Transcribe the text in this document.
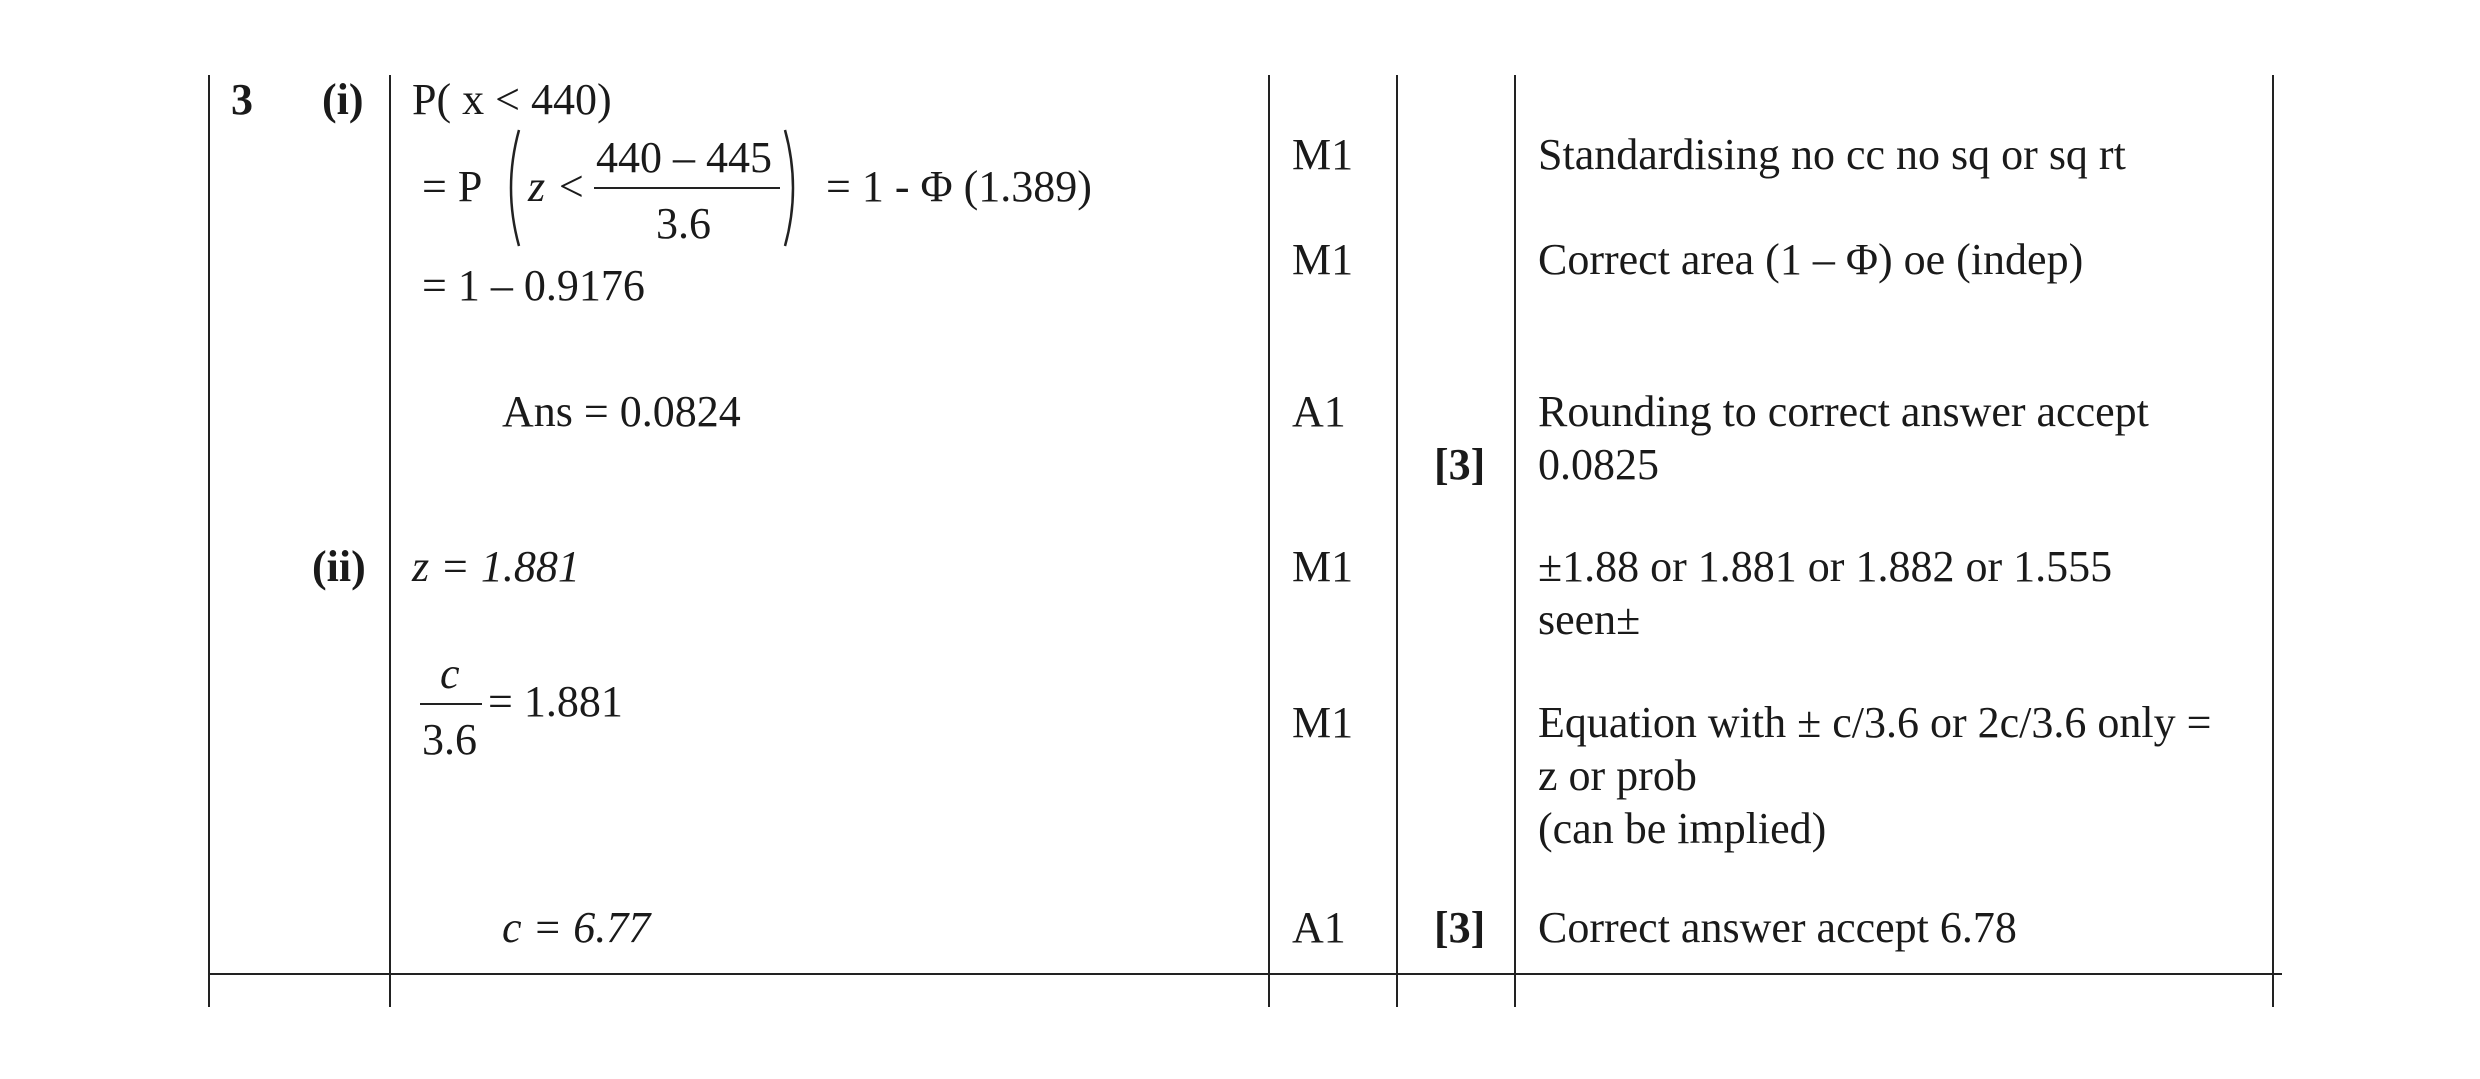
3 (i) P( x < 440)
= P z <
440 – 445
3.6
= 1 - Φ (1.389)
= 1 – 0.9176
Ans = 0.0824
M1
M1
A1
[3]
Standardising no cc no sq or sq rt
Correct area (1 – Φ) oe (indep)
Rounding to correct answer accept
0.0825
(ii) z = 1.881
c
3.6
= 1.881
c = 6.77
M1
M1
A1 [3]
±1.88 or 1.881 or 1.882 or 1.555
seen±
Equation with ± c/3.6 or 2c/3.6 only =
z or prob
(can be implied)
Correct answer accept 6.78
